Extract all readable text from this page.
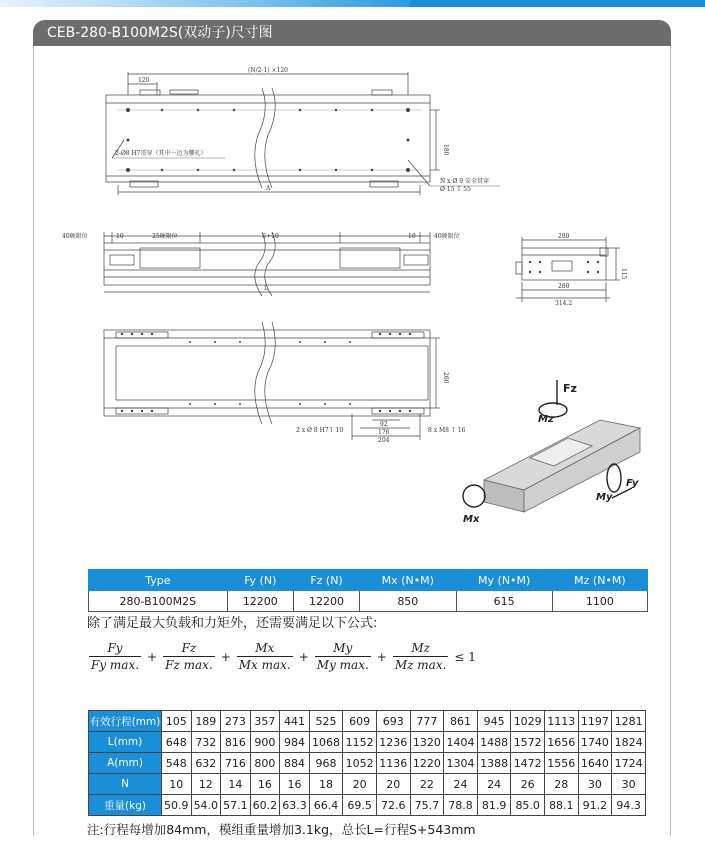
CEB-280-B100M2S(双动子)尺寸图
(N/2-1) ×120
120
A
180
2-Ø8 H7贯穿（其中一边为腰孔）
N x Ø 9 安全贯穿
Ø 15 ↧ 55
40硬限位	10	25硬限位	S+10	10	40硬限位
L
280
115
280
314.2
260
92
176
204
2 x Ø 8 H7↧ 10	8 x M8 ↧ 16
Fz
Mz
My
Fy
Mx
Type	Fy (N)	Fz (N)	Mx (N•M)	My (N•M)	Mz (N•M)
280-B100M2S	12200	12200	850	615	1100
除了满足最大负载和力矩外，还需要满足以下公式:
$\frac{Fy}{\text{Fy max.}} + \frac{Fz}{\text{Fz max.}} + \frac{Mx}{\text{Mx max.}} + \frac{My}{\text{My max.}} + \frac{Mz}{\text{Mz max.}} \le 1$
有效行程(mm)	105	189	273	357	441	525	609	693	777	861	945	1029	1113	1197	1281
L(mm)	648	732	816	900	984	1068	1152	1236	1320	1404	1488	1572	1656	1740	1824
A(mm)	548	632	716	800	884	968	1052	1136	1220	1304	1388	1472	1556	1640	1724
N	10	12	14	16	16	18	20	20	22	24	24	26	28	30	30
重量(kg)	50.9	54.0	57.1	60.2	63.3	66.4	69.5	72.6	75.7	78.8	81.9	85.0	88.1	91.2	94.3
注:行程每增加84mm，模组重量增加3.1kg，总长L=行程S+543mm
